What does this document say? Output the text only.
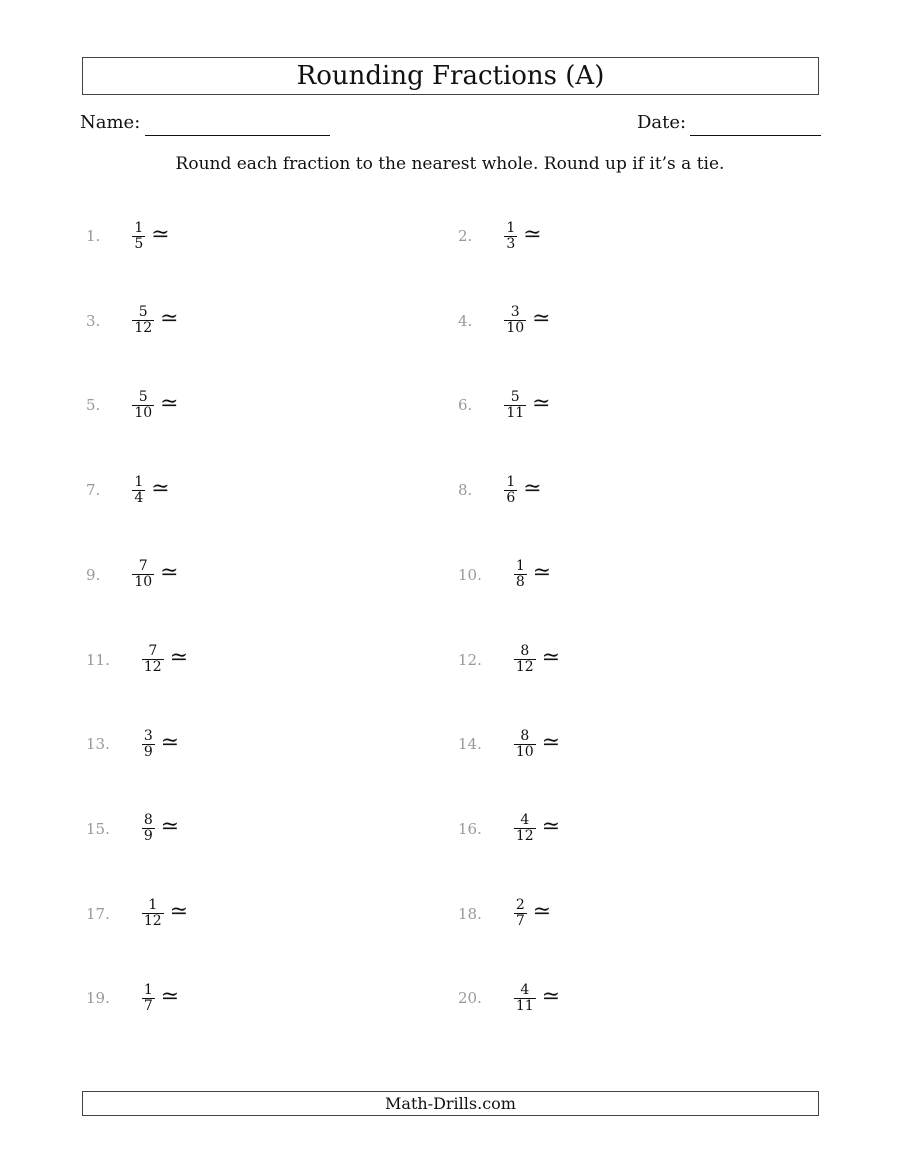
Rounding Fractions (A)
Name:	Date:
Round each fraction to the nearest whole. Round up if it’s a tie.
1. $\frac{1}{5}$ ≃	2. $\frac{1}{3}$ ≃
3. $\frac{5}{12}$ ≃	4. $\frac{3}{10}$ ≃
5. $\frac{5}{10}$ ≃	6. $\frac{5}{11}$ ≃
7. $\frac{1}{4}$ ≃	8. $\frac{1}{6}$ ≃
9. $\frac{7}{10}$ ≃	10. $\frac{1}{8}$ ≃
11. $\frac{7}{12}$ ≃	12. $\frac{8}{12}$ ≃
13. $\frac{3}{9}$ ≃	14. $\frac{8}{10}$ ≃
15. $\frac{8}{9}$ ≃	16. $\frac{4}{12}$ ≃
17. $\frac{1}{12}$ ≃	18. $\frac{2}{7}$ ≃
19. $\frac{1}{7}$ ≃	20. $\frac{4}{11}$ ≃
Math-Drills.com
